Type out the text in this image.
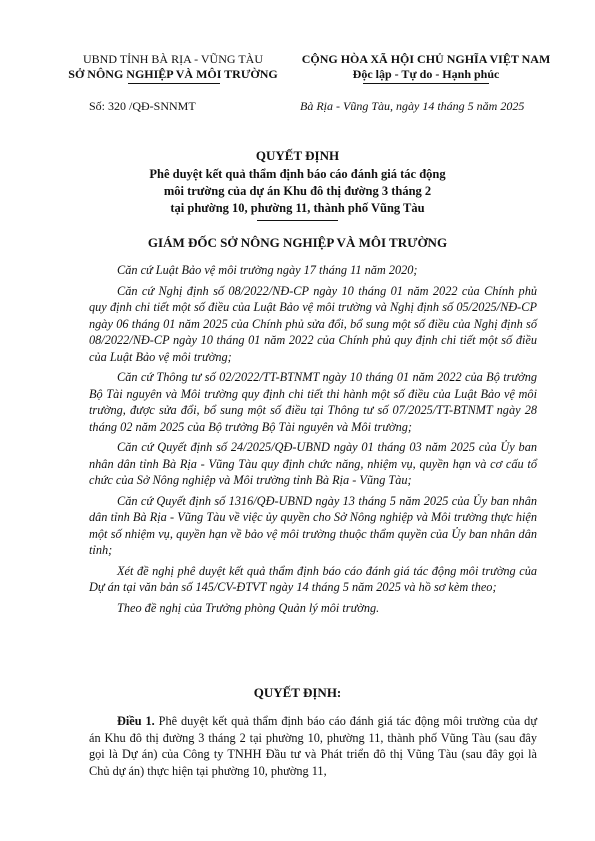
UBND TỈNH BÀ RỊA - VŨNG TÀU
SỞ NÔNG NGHIỆP VÀ MÔI TRƯỜNG
CỘNG HÒA XÃ HỘI CHỦ NGHĨA VIỆT NAM
Độc lập - Tự do - Hạnh phúc
Số: 320 /QĐ-SNNMT	Bà Rịa - Vũng Tàu, ngày 14 tháng 5 năm 2025
QUYẾT ĐỊNH
Phê duyệt kết quả thẩm định báo cáo đánh giá tác động
môi trường của dự án Khu đô thị đường 3 tháng 2
tại phường 10, phường 11, thành phố Vũng Tàu
GIÁM ĐỐC SỞ NÔNG NGHIỆP VÀ MÔI TRƯỜNG

Căn cứ Luật Bảo vệ môi trường ngày 17 tháng 11 năm 2020;

Căn cứ Nghị định số 08/2022/NĐ-CP ngày 10 tháng 01 năm 2022 của Chính phủ quy định chi tiết một số điều của Luật Bảo vệ môi trường và Nghị định số 05/2025/NĐ-CP ngày 06 tháng 01 năm 2025 của Chính phủ sửa đổi, bổ sung một số điều của Nghị định số 08/2022/NĐ-CP ngày 10 tháng 01 năm 2022 của Chính phủ quy định chi tiết một số điều của Luật Bảo vệ môi trường;

Căn cứ Thông tư số 02/2022/TT-BTNMT ngày 10 tháng 01 năm 2022 của Bộ trưởng Bộ Tài nguyên và Môi trường quy định chi tiết thi hành một số điều của Luật Bảo vệ môi trường, được sửa đổi, bổ sung một số điều tại Thông tư số 07/2025/TT-BTNMT ngày 28 tháng 02 năm 2025 của Bộ trưởng Bộ Tài nguyên và Môi trường;

Căn cứ Quyết định số 24/2025/QĐ-UBND ngày 01 tháng 03 năm 2025 của Ủy ban nhân dân tỉnh Bà Rịa - Vũng Tàu quy định chức năng, nhiệm vụ, quyền hạn và cơ cấu tổ chức của Sở Nông nghiệp và Môi trường tỉnh Bà Rịa - Vũng Tàu;

Căn cứ Quyết định số 1316/QĐ-UBND ngày 13 tháng 5 năm 2025 của Ủy ban nhân dân tỉnh Bà Rịa - Vũng Tàu về việc ủy quyền cho Sở Nông nghiệp và Môi trường thực hiện một số nhiệm vụ, quyền hạn về bảo vệ môi trường thuộc thẩm quyền của Ủy ban nhân dân tỉnh;

Xét đề nghị phê duyệt kết quả thẩm định báo cáo đánh giá tác động môi trường của Dự án tại văn bản số 145/CV-ĐTVT ngày 14 tháng 5 năm 2025 và hồ sơ kèm theo;

Theo đề nghị của Trưởng phòng Quản lý môi trường.

QUYẾT ĐỊNH:

Điều 1. Phê duyệt kết quả thẩm định báo cáo đánh giá tác động môi trường của dự án Khu đô thị đường 3 tháng 2 tại phường 10, phường 11, thành phố Vũng Tàu (sau đây gọi là Dự án) của Công ty TNHH Đầu tư và Phát triển đô thị Vũng Tàu (sau đây gọi là Chủ dự án) thực hiện tại phường 10, phường 11,
